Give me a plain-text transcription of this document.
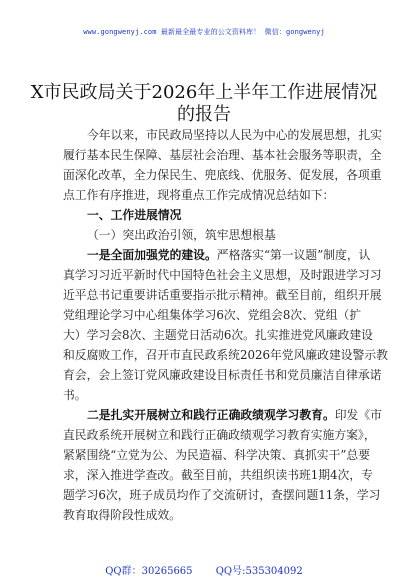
www.gongwenyj.com 最新最全最专业的公文资料库！ 微信：gongwenyj
X市民政局关于2026年上半年工作进展情况
的报告
今年以来，市民政局坚持以人民为中心的发展思想，扎实
履行基本民生保障、基层社会治理、基本社会服务等职责，全
面深化改革，全力保民生、兜底线、优服务、促发展，各项重
点工作有序推进，现将重点工作完成情况总结如下：
一、工作进展情况
（一）突出政治引领，筑牢思想根基
一是全面加强党的建设。严格落实“第一议题”制度，认
真学习习近平新时代中国特色社会主义思想，及时跟进学习习
近平总书记重要讲话重要指示批示精神。截至目前，组织开展
党组理论学习中心组集体学习6次、党组会8次、党组（扩
大）学习会8次、主题党日活动6次。扎实推进党风廉政建设
和反腐败工作，召开市直民政系统2026年党风廉政建设警示教
育会，会上签订党风廉政建设目标责任书和党员廉洁自律承诺
书。
二是扎实开展树立和践行正确政绩观学习教育。印发《市
直民政系统开展树立和践行正确政绩观学习教育实施方案》，
紧紧围绕“立党为公、为民造福、科学决策、真抓实干”总要
求，深入推进学查改。截至目前，共组织读书班1期4次，专
题学习6次，班子成员均作了交流研讨，查摆问题11条，学习
教育取得阶段性成效。
QQ群：30265665 QQ号:535304092
